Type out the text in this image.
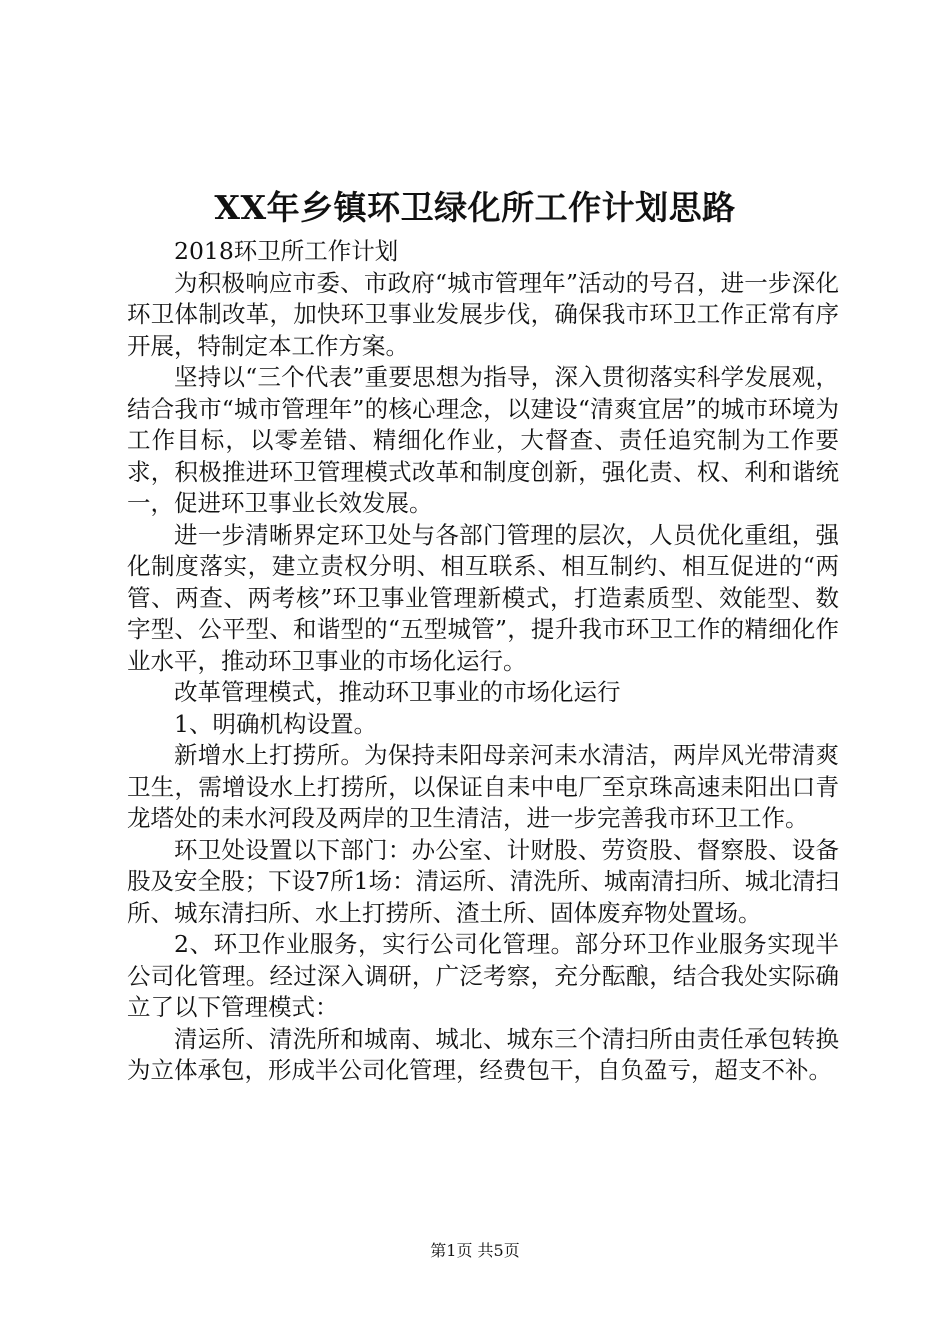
XX年乡镇环卫绿化所工作计划思路

2018环卫所工作计划

为积极响应市委、市政府“城市管理年”活动的号召，进一步深化环卫体制改革，加快环卫事业发展步伐，确保我市环卫工作正常有序开展，特制定本工作方案。

坚持以“三个代表”重要思想为指导，深入贯彻落实科学发展观，结合我市“城市管理年”的核心理念，以建设“清爽宜居”的城市环境为工作目标，以零差错、精细化作业，大督查、责任追究制为工作要求，积极推进环卫管理模式改革和制度创新，强化责、权、利和谐统一，促进环卫事业长效发展。

进一步清晰界定环卫处与各部门管理的层次，人员优化重组，强化制度落实，建立责权分明、相互联系、相互制约、相互促进的“两管、两查、两考核”环卫事业管理新模式，打造素质型、效能型、数字型、公平型、和谐型的“五型城管”，提升我市环卫工作的精细化作业水平，推动环卫事业的市场化运行。

改革管理模式，推动环卫事业的市场化运行

1、明确机构设置。

新增水上打捞所。为保持耒阳母亲河耒水清洁，两岸风光带清爽卫生，需增设水上打捞所，以保证自耒中电厂至京珠高速耒阳出口青龙塔处的耒水河段及两岸的卫生清洁，进一步完善我市环卫工作。

环卫处设置以下部门：办公室、计财股、劳资股、督察股、设备股及安全股；下设7所1场：清运所、清洗所、城南清扫所、城北清扫所、城东清扫所、水上打捞所、渣土所、固体废弃物处置场。

2、环卫作业服务，实行公司化管理。部分环卫作业服务实现半公司化管理。经过深入调研，广泛考察，充分酝酿，结合我处实际确立了以下管理模式：

清运所、清洗所和城南、城北、城东三个清扫所由责任承包转换为立体承包，形成半公司化管理，经费包干，自负盈亏，超支不补。

第1页 共5页
